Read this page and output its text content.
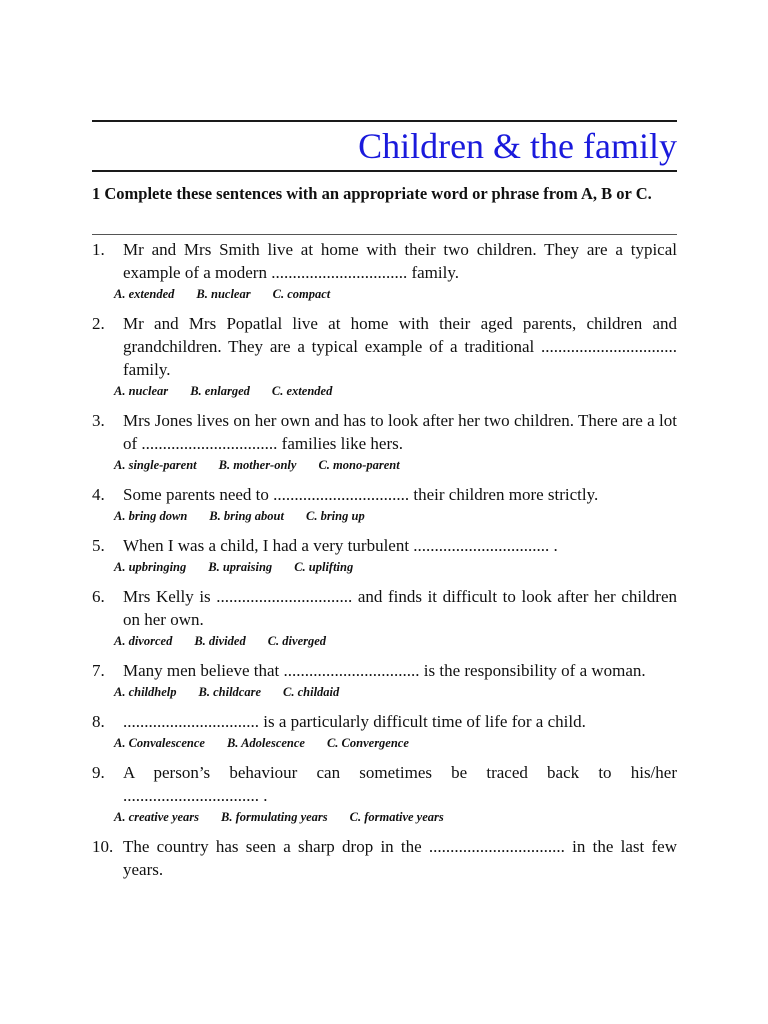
Children & the family
1 Complete these sentences with an appropriate word or phrase from A, B or C.
1.	Mr and Mrs Smith live at home with their two children. They are a typical example of a modern ................................ family.
A. extended B. nuclear C. compact
2.	Mr and Mrs Popatlal live at home with their aged parents, children and grandchildren. They are a typical example of a traditional ................................ family.
A. nuclear B. enlarged C. extended
3.	Mrs Jones lives on her own and has to look after her two children. There are a lot of ................................ families like hers.
A. single-parent B. mother-only C. mono-parent
4.	Some parents need to ................................ their children more strictly.
A. bring down B. bring about C. bring up
5.	When I was a child, I had a very turbulent ................................ .
A. upbringing B. upraising C. uplifting
6.	Mrs Kelly is ................................ and finds it difficult to look after her children on her own.
A. divorced B. divided C. diverged
7.	Many men believe that ................................ is the responsibility of a woman.
A. childhelp B. childcare C. childaid
8.	................................ is a particularly difficult time of life for a child.
A. Convalescence B. Adolescence C. Convergence
9.	A person’s behaviour can sometimes be traced back to his/her ................................ .
A. creative years B. formulating years C. formative years
10. The country has seen a sharp drop in the ................................ in the last few years.
